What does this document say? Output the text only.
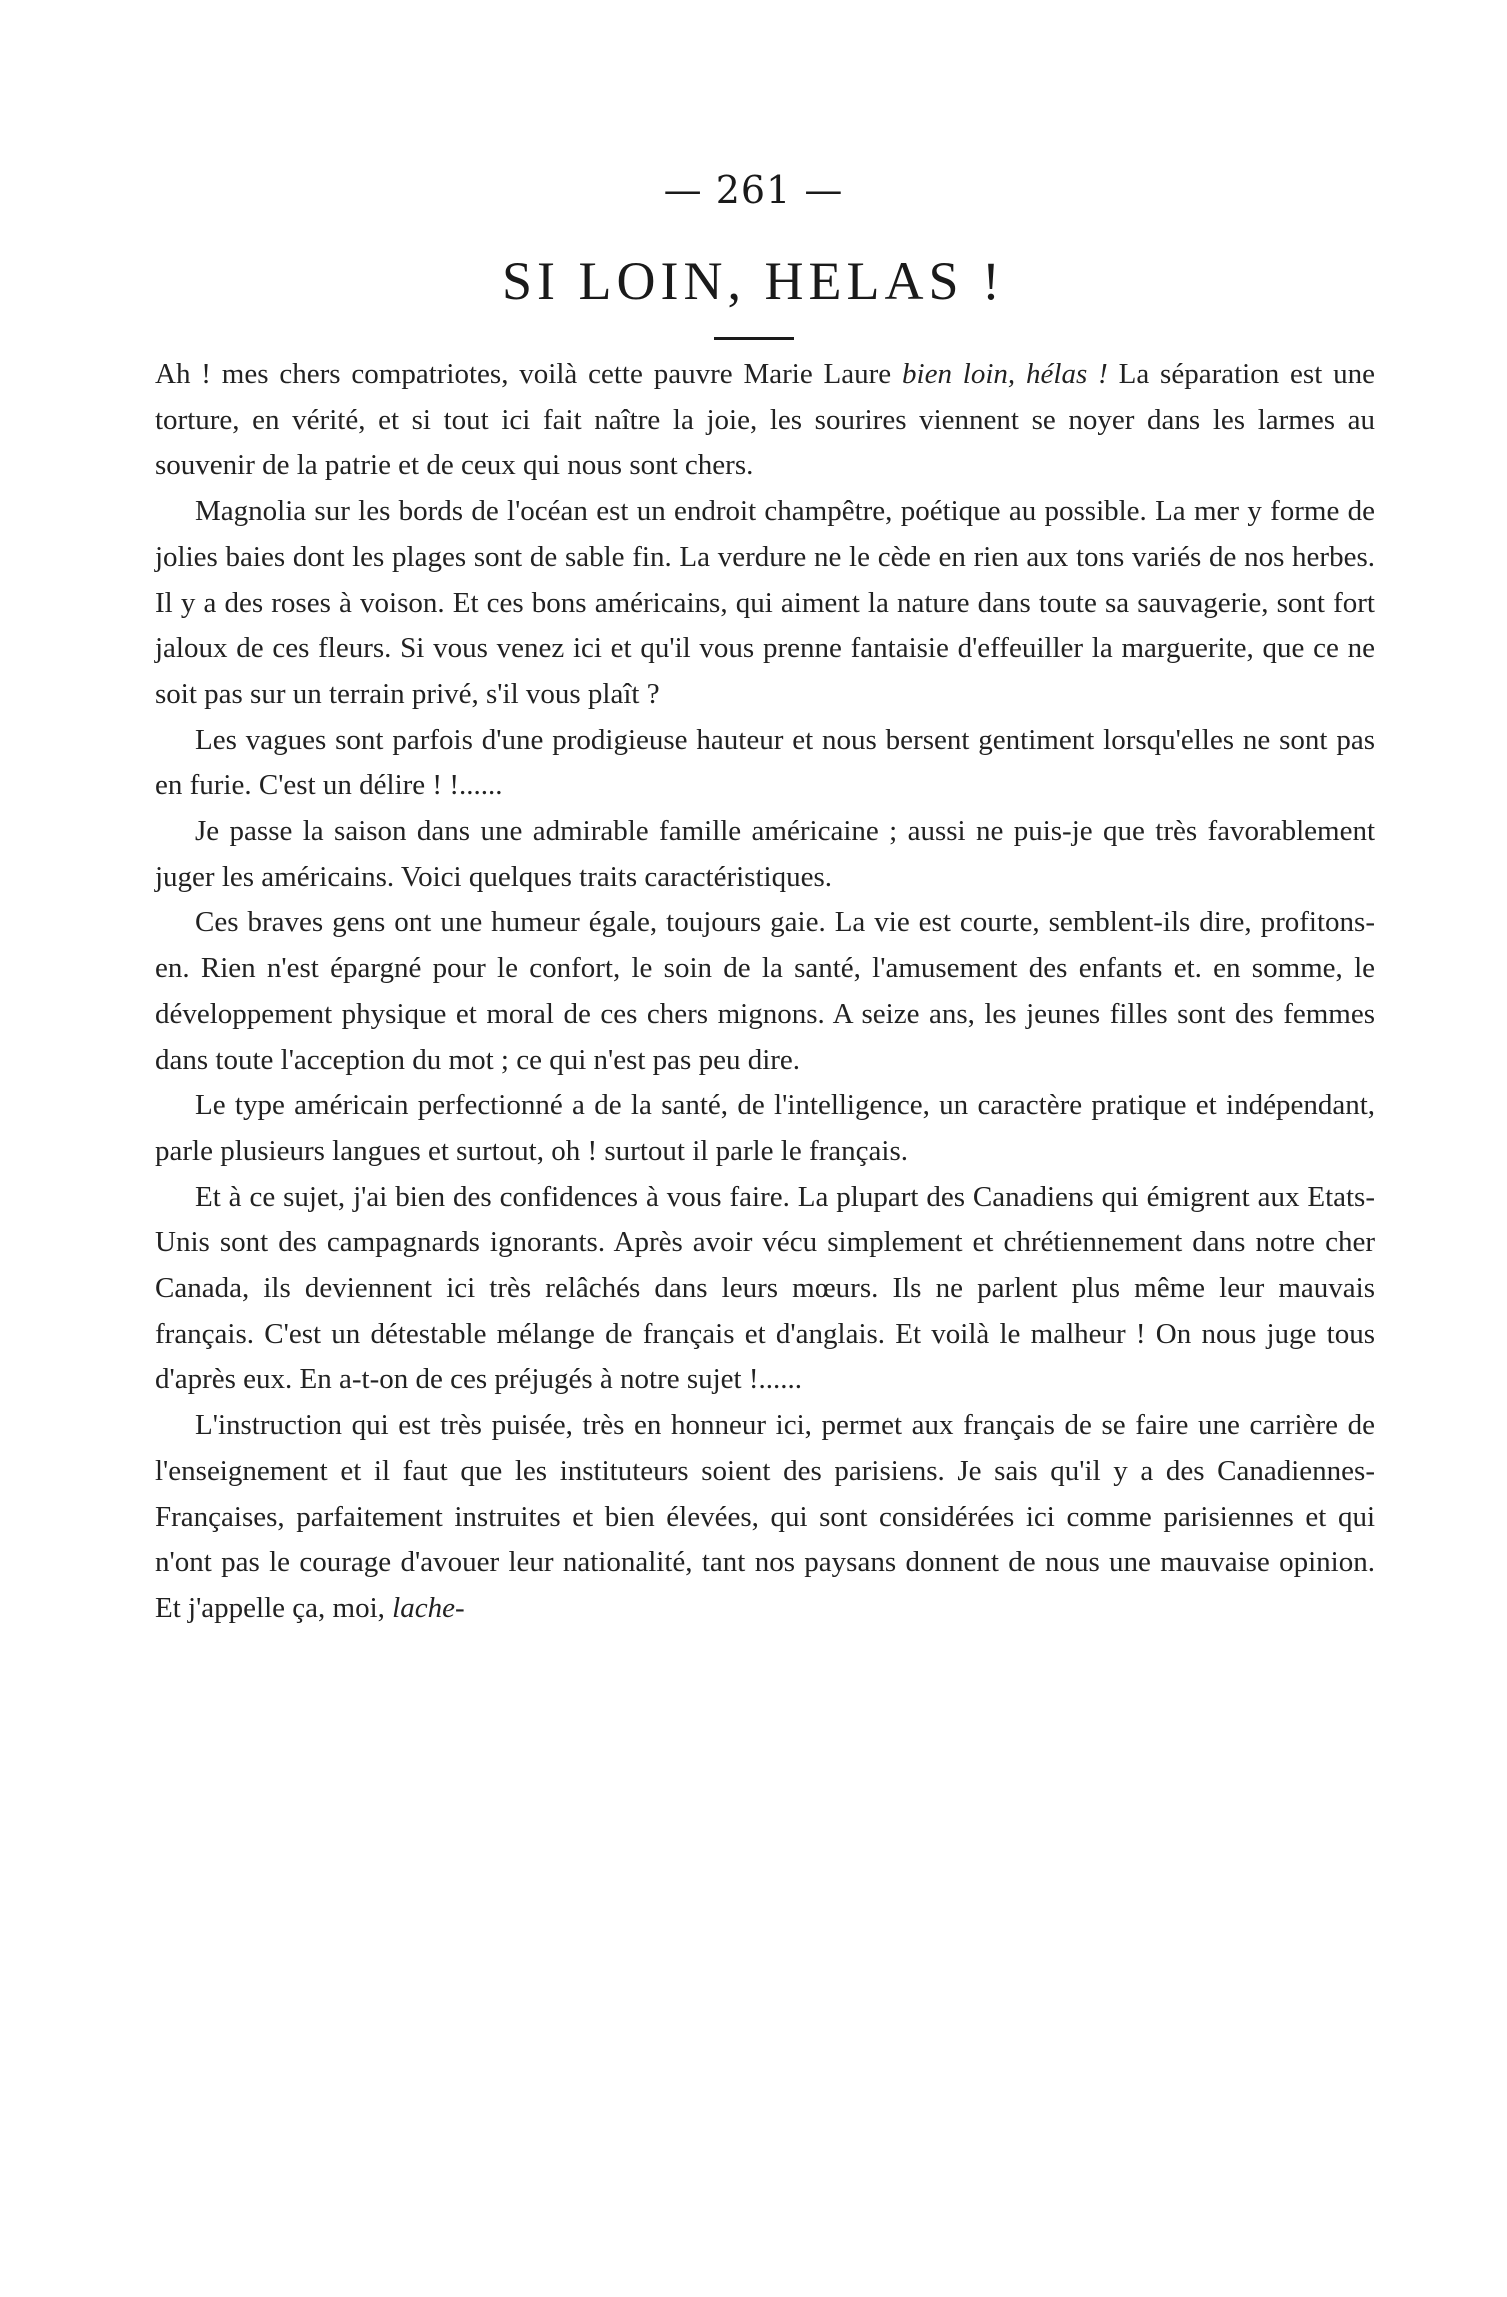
— 261 —
SI LOIN, HELAS !

Ah ! mes chers compatriotes, voilà cette pauvre Marie Laure bien loin, hélas ! La séparation est une torture, en vérité, et si tout ici fait naître la joie, les sourires viennent se noyer dans les larmes au souvenir de la patrie et de ceux qui nous sont chers.

Magnolia sur les bords de l'océan est un endroit champêtre, poétique au possible. La mer y forme de jolies baies dont les plages sont de sable fin. La verdure ne le cède en rien aux tons variés de nos herbes. Il y a des roses à voison. Et ces bons américains, qui aiment la nature dans toute sa sauvagerie, sont fort jaloux de ces fleurs. Si vous venez ici et qu'il vous prenne fantaisie d'effeuiller la marguerite, que ce ne soit pas sur un terrain privé, s'il vous plaît ?

Les vagues sont parfois d'une prodigieuse hauteur et nous bersent gentiment lorsqu'elles ne sont pas en furie. C'est un délire ! !......

Je passe la saison dans une admirable famille américaine ; aussi ne puis-je que très favorablement juger les américains. Voici quelques traits caractéristiques.

Ces braves gens ont une humeur égale, toujours gaie. La vie est courte, semblent-ils dire, profitons-en. Rien n'est épargné pour le confort, le soin de la santé, l'amusement des enfants et. en somme, le développement physique et moral de ces chers mignons. A seize ans, les jeunes filles sont des femmes dans toute l'acception du mot ; ce qui n'est pas peu dire.

Le type américain perfectionné a de la santé, de l'intelligence, un caractère pratique et indépendant, parle plusieurs langues et surtout, oh ! surtout il parle le français.

Et à ce sujet, j'ai bien des confidences à vous faire. La plupart des Canadiens qui émigrent aux Etats-Unis sont des campagnards ignorants. Après avoir vécu simplement et chrétiennement dans notre cher Canada, ils deviennent ici très relâchés dans leurs mœurs. Ils ne parlent plus même leur mauvais français. C'est un détestable mélange de français et d'anglais. Et voilà le malheur ! On nous juge tous d'après eux. En a-t-on de ces préjugés à notre sujet !......

L'instruction qui est très puisée, très en honneur ici, permet aux français de se faire une carrière de l'enseignement et il faut que les instituteurs soient des parisiens. Je sais qu'il y a des Canadiennes-Françaises, parfaitement instruites et bien élevées, qui sont considérées ici comme parisiennes et qui n'ont pas le courage d'avouer leur nationalité, tant nos paysans donnent de nous une mauvaise opinion. Et j'appelle ça, moi, lache-
